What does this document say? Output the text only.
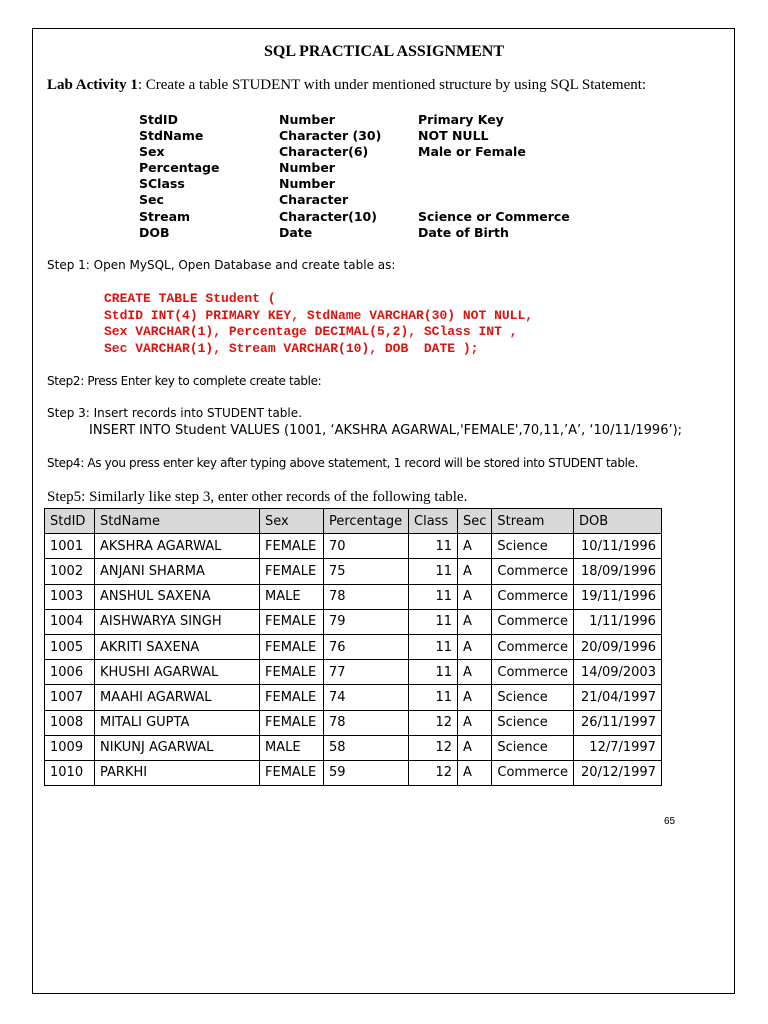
SQL PRACTICAL ASSIGNMENT
Lab Activity 1: Create a table STUDENT with under mentioned structure by using SQL Statement:
StdID	Number	Primary Key
StdName	Character (30)	NOT NULL
Sex	Character(6)	Male or Female
Percentage	Number
SClass	Number
Sec	Character
Stream	Character(10)	Science or Commerce
DOB	Date	Date of Birth
Step 1: Open MySQL, Open Database and create table as:
CREATE TABLE Student (
StdID INT(4) PRIMARY KEY, StdName VARCHAR(30) NOT NULL,
Sex VARCHAR(1), Percentage DECIMAL(5,2), SClass INT ,
Sec VARCHAR(1), Stream VARCHAR(10), DOB  DATE );
Step2: Press Enter key to complete create table:
Step 3: Insert records into STUDENT table.
INSERT INTO Student VALUES (1001, ‘AKSHRA AGARWAL,'FEMALE',70,11,’A’, ‘10/11/1996’);
Step4: As you press enter key after typing above statement, 1 record will be stored into STUDENT table.
Step5: Similarly like step 3, enter other records of the following table.
StdID	StdName	Sex	Percentage	Class	Sec	Stream	DOB
1001	AKSHRA AGARWAL	FEMALE	70	11	A	Science	10/11/1996
1002	ANJANI SHARMA	FEMALE	75	11	A	Commerce	18/09/1996
1003	ANSHUL SAXENA	MALE	78	11	A	Commerce	19/11/1996
1004	AISHWARYA SINGH	FEMALE	79	11	A	Commerce	1/11/1996
1005	AKRITI SAXENA	FEMALE	76	11	A	Commerce	20/09/1996
1006	KHUSHI AGARWAL	FEMALE	77	11	A	Commerce	14/09/2003
1007	MAAHI AGARWAL	FEMALE	74	11	A	Science	21/04/1997
1008	MITALI GUPTA	FEMALE	78	12	A	Science	26/11/1997
1009	NIKUNJ AGARWAL	MALE	58	12	A	Science	12/7/1997
1010	PARKHI	FEMALE	59	12	A	Commerce	20/12/1997
65
